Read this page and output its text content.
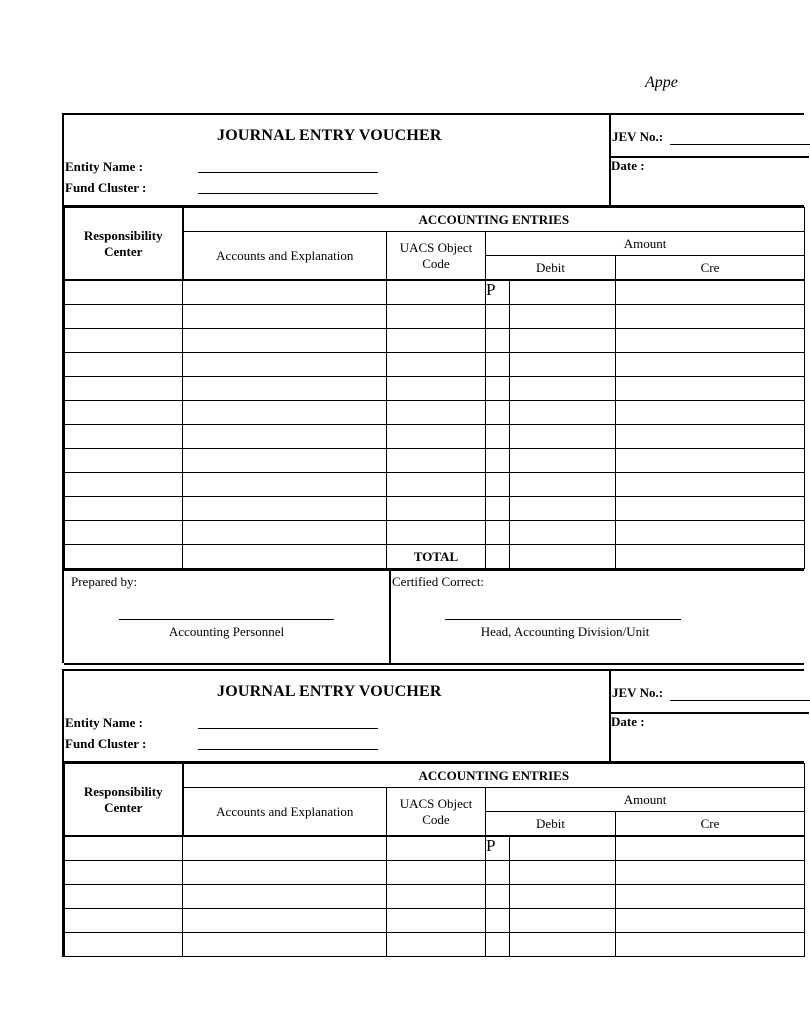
Appe
JOURNAL ENTRY VOUCHER
Entity Name :
Fund Cluster :
JEV No.:
Date :
Responsibility Center	ACCOUNTING ENTRIES				
	Accounts and Explanation	UACS Object Code	Amount		
			Debit		Cre
			P		

		TOTAL			
Prepared by:	Certified Correct:
Accounting Personnel	Head, Accounting Division/Unit
JOURNAL ENTRY VOUCHER
Entity Name :
Fund Cluster :
JEV No.:
Date :
Responsibility Center	ACCOUNTING ENTRIES				
	Accounts and Explanation	UACS Object Code	Amount		
			Debit		Cre
			P		
